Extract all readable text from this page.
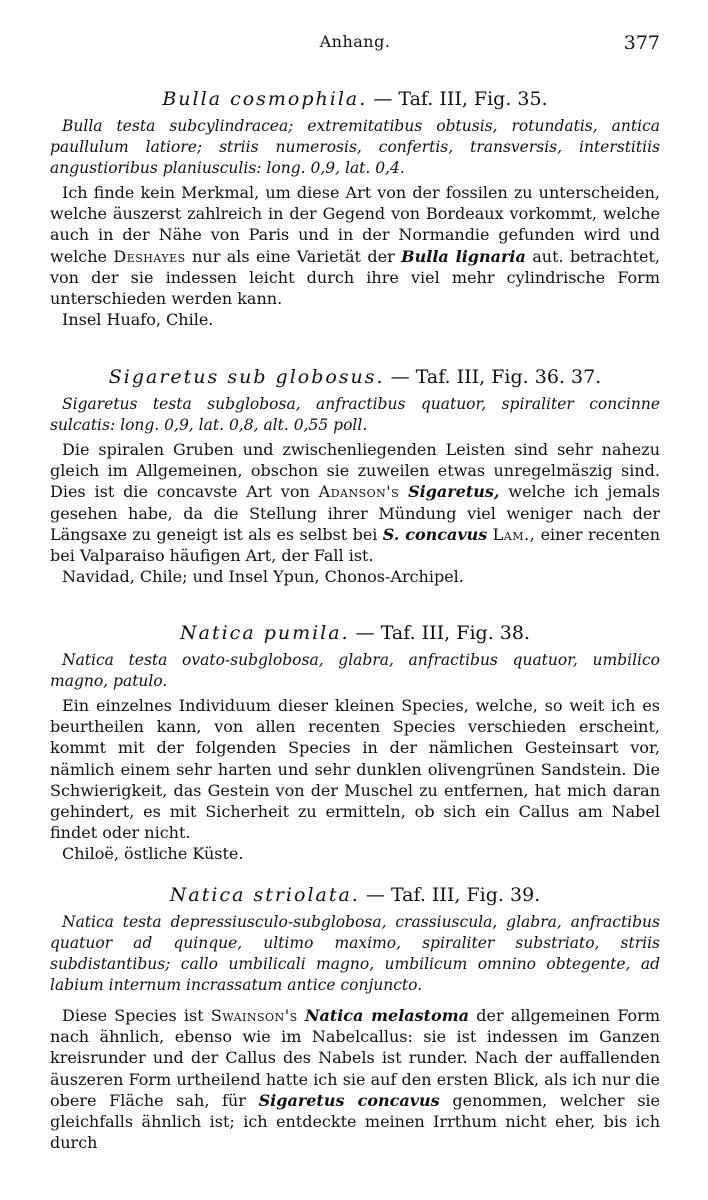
Anhang.	377
Bulla cosmophila. — Taf. III, Fig. 35.

Bulla testa subcylindracea; extremitatibus obtusis, rotundatis, antica paullulum latiore; striis numerosis, confertis, transversis, interstitiis angustioribus planiusculis: long. 0,9, lat. 0,4.

Ich finde kein Merkmal, um diese Art von der fossilen zu unterscheiden, welche äuszerst zahlreich in der Gegend von Bordeaux vorkommt, welche auch in der Nähe von Paris und in der Normandie gefunden wird und welche Deshayes nur als eine Varietät der Bulla lignaria aut. betrachtet, von der sie indessen leicht durch ihre viel mehr cylindrische Form unterschieden werden kann.

Insel Huafo, Chile.

Sigaretus sub globosus. — Taf. III, Fig. 36. 37.

Sigaretus testa subglobosa, anfractibus quatuor, spiraliter concinne sulcatis: long. 0,9, lat. 0,8, alt. 0,55 poll.

Die spiralen Gruben und zwischenliegenden Leisten sind sehr nahezu gleich im Allgemeinen, obschon sie zuweilen etwas unregelmäszig sind. Dies ist die concavste Art von Adanson's Sigaretus, welche ich jemals gesehen habe, da die Stellung ihrer Mündung viel weniger nach der Längsaxe zu geneigt ist als es selbst bei S. concavus Lam., einer recenten bei Valparaiso häufigen Art, der Fall ist.

Navidad, Chile; und Insel Ypun, Chonos-Archipel.

Natica pumila. — Taf. III, Fig. 38.

Natica testa ovato-subglobosa, glabra, anfractibus quatuor, umbilico magno, patulo.

Ein einzelnes Individuum dieser kleinen Species, welche, so weit ich es beurtheilen kann, von allen recenten Species verschieden erscheint, kommt mit der folgenden Species in der nämlichen Gesteinsart vor, nämlich einem sehr harten und sehr dunklen olivengrünen Sandstein. Die Schwierigkeit, das Gestein von der Muschel zu entfernen, hat mich daran gehindert, es mit Sicherheit zu ermitteln, ob sich ein Callus am Nabel findet oder nicht.

Chiloë, östliche Küste.

Natica striolata. — Taf. III, Fig. 39.

Natica testa depressiusculo-subglobosa, crassiuscula, glabra, anfractibus quatuor ad quinque, ultimo maximo, spiraliter substriato, striis subdistantibus; callo umbilicali magno, umbilicum omnino obtegente, ad labium internum incrassatum antice conjuncto.

Diese Species ist Swainson's Natica melastoma der allgemeinen Form nach ähnlich, ebenso wie im Nabelcallus: sie ist indessen im Ganzen kreisrunder und der Callus des Nabels ist runder. Nach der auffallenden äuszeren Form urtheilend hatte ich sie auf den ersten Blick, als ich nur die obere Fläche sah, für Sigaretus concavus genommen, welcher sie gleichfalls ähnlich ist; ich entdeckte meinen Irrthum nicht eher, bis ich durch
